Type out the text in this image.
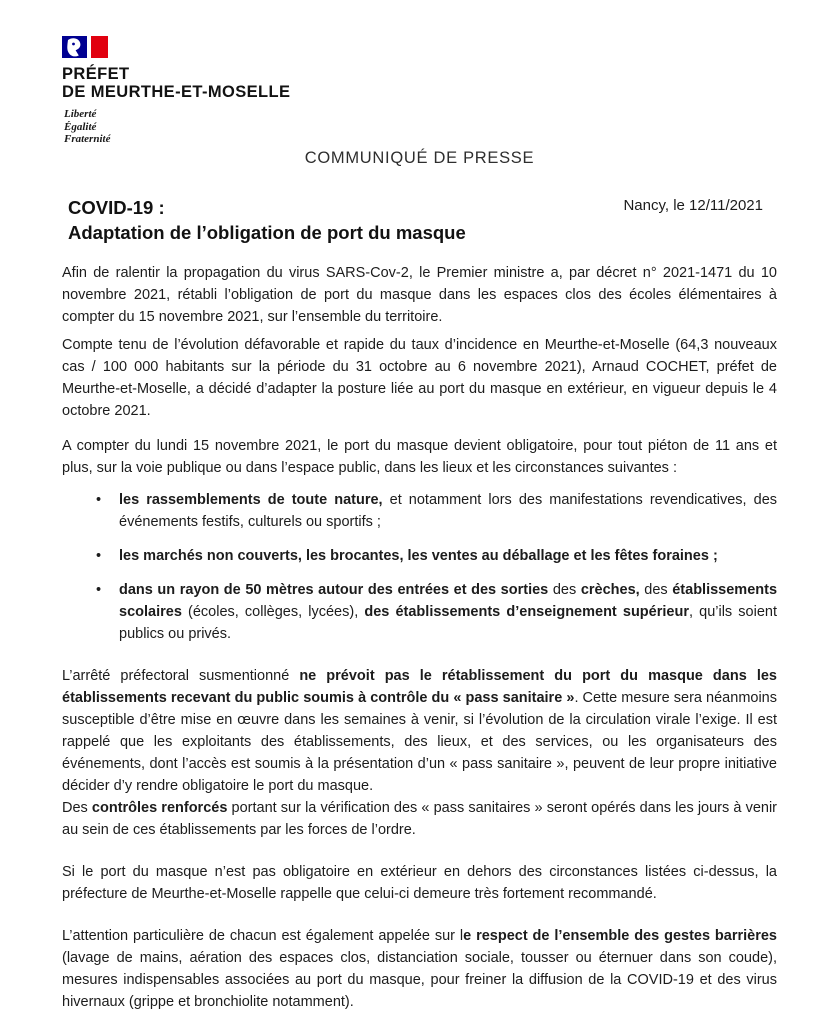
PRÉFET
DE MEURTHE-ET-MOSELLE
Liberté
Égalité
Fraternité
COMMUNIQUÉ DE PRESSE
COVID-19 :
Adaptation de l’obligation de port du masque
Nancy, le 12/11/2021

Afin de ralentir la propagation du virus SARS-Cov-2, le Premier ministre a, par décret n° 2021-1471 du 10 novembre 2021, rétabli l’obligation de port du masque dans les espaces clos des écoles élémentaires à compter du 15 novembre 2021, sur l’ensemble du territoire.

Compte tenu de l’évolution défavorable et rapide du taux d’incidence en Meurthe-et-Moselle (64,3 nouveaux cas / 100 000 habitants sur la période du 31 octobre au 6 novembre 2021), Arnaud COCHET, préfet de Meurthe-et-Moselle, a décidé d’adapter la posture liée au port du masque en extérieur, en vigueur depuis le 4 octobre 2021.

A compter du lundi 15 novembre 2021, le port du masque devient obligatoire, pour tout piéton de 11 ans et plus, sur la voie publique ou dans l’espace public, dans les lieux et les circonstances suivantes :

• les rassemblements de toute nature, et notamment lors des manifestations revendicatives, des événements festifs, culturels ou sportifs ;
• les marchés non couverts, les brocantes, les ventes au déballage et les fêtes foraines ;
• dans un rayon de 50 mètres autour des entrées et des sorties des crèches, des établissements scolaires (écoles, collèges, lycées), des établissements d’enseignement supérieur, qu’ils soient publics ou privés.

L’arrêté préfectoral susmentionné ne prévoit pas le rétablissement du port du masque dans les établissements recevant du public soumis à contrôle du « pass sanitaire ». Cette mesure sera néanmoins susceptible d’être mise en œuvre dans les semaines à venir, si l’évolution de la circulation virale l’exige. Il est rappelé que les exploitants des établissements, des lieux, et des services, ou les organisateurs des événements, dont l’accès est soumis à la présentation d’un « pass sanitaire », peuvent de leur propre initiative décider d’y rendre obligatoire le port du masque.

Des contrôles renforcés portant sur la vérification des « pass sanitaires » seront opérés dans les jours à venir au sein de ces établissements par les forces de l’ordre.

Si le port du masque n’est pas obligatoire en extérieur en dehors des circonstances listées ci-dessus, la préfecture de Meurthe-et-Moselle rappelle que celui-ci demeure très fortement recommandé.

L’attention particulière de chacun est également appelée sur le respect de l’ensemble des gestes barrières (lavage de mains, aération des espaces clos, distanciation sociale, tousser ou éternuer dans son coude), mesures indispensables associées au port du masque, pour freiner la diffusion de la COVID-19 et des virus hivernaux (grippe et bronchiolite notamment).
